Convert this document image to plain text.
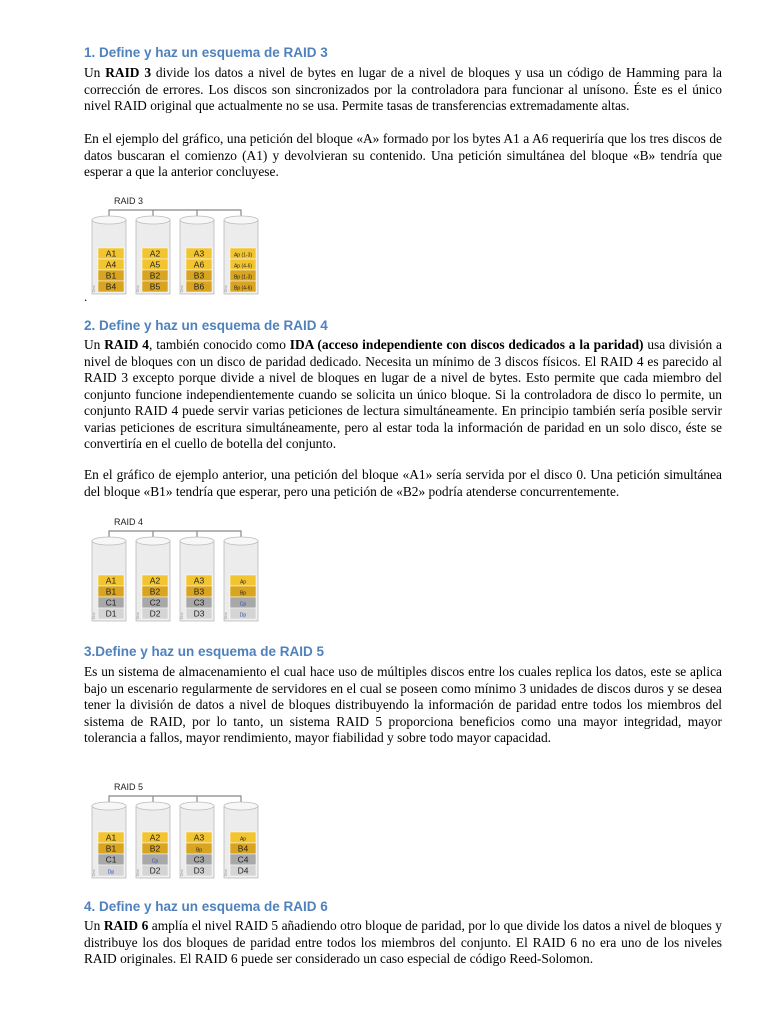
1. Define y haz un esquema de RAID 3

Un RAID 3 divide los datos a nivel de bytes en lugar de a nivel de bloques y usa un código de Hamming para la corrección de errores. Los discos son sincronizados por la controladora para funcionar al unísono. Éste es el único nivel RAID original que actualmente no se usa. Permite tasas de transferencias extremadamente altas.

En el ejemplo del gráfico, una petición del bloque «A» formado por los bytes A1 a A6 requeriría que los tres discos de datos buscaran el comienzo (A1) y devolvieran su contenido. Una petición simultánea del bloque «B» tendría que esperar a que la anterior concluyese.

RAID 3
Disk
A1
A4
B1
B4	Disk
A2
A5
B2
B5	Disk
A3
A6
B3
B6	Disk
Ap (1-3)
Ap (4-6)
Bp (1-3)
Bp (4-6)
.
2. Define y haz un esquema de RAID 4

Un RAID 4, también conocido como IDA (acceso independiente con discos dedicados a la paridad) usa división a nivel de bloques con un disco de paridad dedicado. Necesita un mínimo de 3 discos físicos. El RAID 4 es parecido al RAID 3 excepto porque divide a nivel de bloques en lugar de a nivel de bytes. Esto permite que cada miembro del conjunto funcione independientemente cuando se solicita un único bloque. Si la controladora de disco lo permite, un conjunto RAID 4 puede servir varias peticiones de lectura simultáneamente. En principio también sería posible servir varias peticiones de escritura simultáneamente, pero al estar toda la información de paridad en un solo disco, éste se convertiría en el cuello de botella del conjunto.

En el gráfico de ejemplo anterior, una petición del bloque «A1» sería servida por el disco 0. Una petición simultánea del bloque «B1» tendría que esperar, pero una petición de «B2» podría atenderse concurrentemente.

RAID 4
Disk
A1
B1
C1
D1	Disk
A2
B2
C2
D2	Disk
A3
B3
C3
D3	Disk
Ap
Bp
Cp
Dp
3.Define y haz un esquema de RAID 5

Es un sistema de almacenamiento el cual hace uso de múltiples discos entre los cuales replica los datos, este se aplica bajo un escenario regularmente de servidores en el cual se poseen como mínimo 3 unidades de discos duros y se desea tener la división de datos a nivel de bloques distribuyendo la información de paridad entre todos los miembros del sistema de RAID, por lo tanto, un sistema RAID 5 proporciona beneficios como una mayor integridad, mayor tolerancia a fallos, mayor rendimiento, mayor fiabilidad y sobre todo mayor capacidad.

RAID 5
Disk
A1
B1
C1
Dp	Disk
A2
B2
Cp
D2	Disk
A3
Bp
C3
D3	Disk
Ap
B4
C4
D4
4. Define y haz un esquema de RAID 6

Un RAID 6 amplía el nivel RAID 5 añadiendo otro bloque de paridad, por lo que divide los datos a nivel de bloques y distribuye los dos bloques de paridad entre todos los miembros del conjunto. El RAID 6 no era uno de los niveles RAID originales. El RAID 6 puede ser considerado un caso especial de código Reed-Solomon.
